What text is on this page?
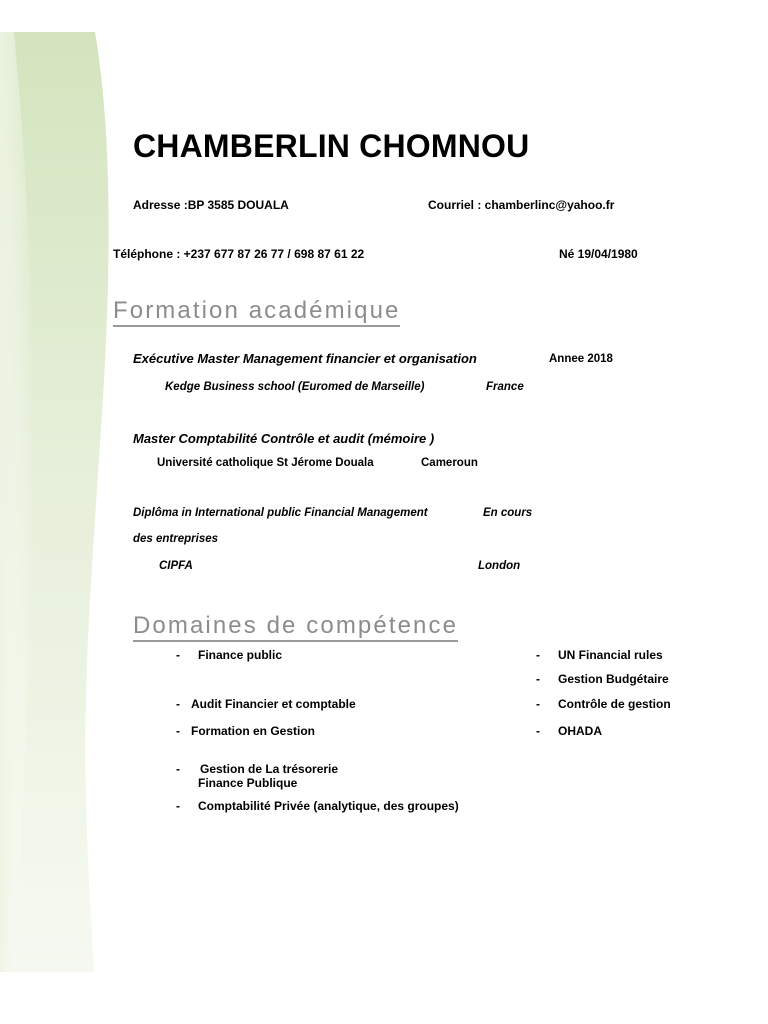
CHAMBERLIN CHOMNOU
Adresse :BP 3585 DOUALA	Courriel : chamberlinc@yahoo.fr
Téléphone : +237 677 87 26 77 / 698 87 61 22	Né 19/04/1980
Formation académique
Exécutive Master Management financier et organisation	Annee 2018
Kedge Business school (Euromed de Marseille)	France
Master Comptabilité Contrôle et audit (mémoire )
Université catholique St Jérome Douala	Cameroun
Diplôma in International public Financial Management	En cours
des entreprises
CIPFA	London
Domaines de compétence
- Finance public
- Audit Financier et comptable
- Formation en Gestion
- Gestion de La trésorerie
Finance Publique
- Comptabilité Privée (analytique, des groupes)
- UN Financial rules
- Gestion Budgétaire
- Contrôle de gestion
- OHADA
